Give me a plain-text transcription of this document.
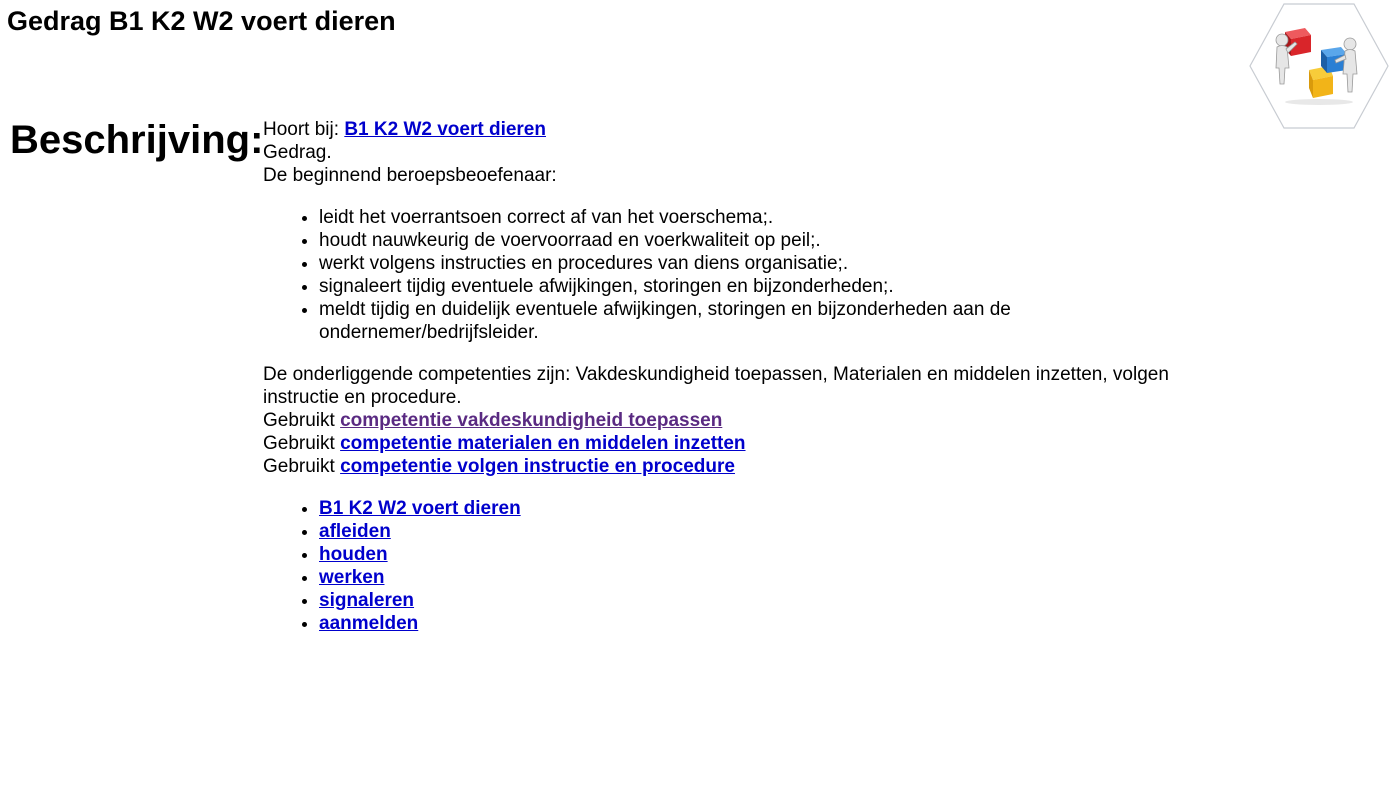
Gedrag B1 K2 W2 voert dieren
Beschrijving: Hoort bij: B1 K2 W2 voert dieren

Gedrag.

De beginnend beroepsbeoefenaar:

• leidt het voerrantsoen correct af van het voerschema;.
• houdt nauwkeurig de voervoorraad en voerkwaliteit op peil;.
• werkt volgens instructies en procedures van diens organisatie;.
• signaleert tijdig eventuele afwijkingen, storingen en bijzonderheden;.
• meldt tijdig en duidelijk eventuele afwijkingen, storingen en bijzonderheden aan de ondernemer/bedrijfsleider.

De onderliggende competenties zijn: Vakdeskundigheid toepassen, Materialen en middelen inzetten, volgen instructie en procedure.

Gebruikt competentie vakdeskundigheid toepassen

Gebruikt competentie materialen en middelen inzetten

Gebruikt competentie volgen instructie en procedure

• B1 K2 W2 voert dieren
• afleiden
• houden
• werken
• signaleren
• aanmelden
